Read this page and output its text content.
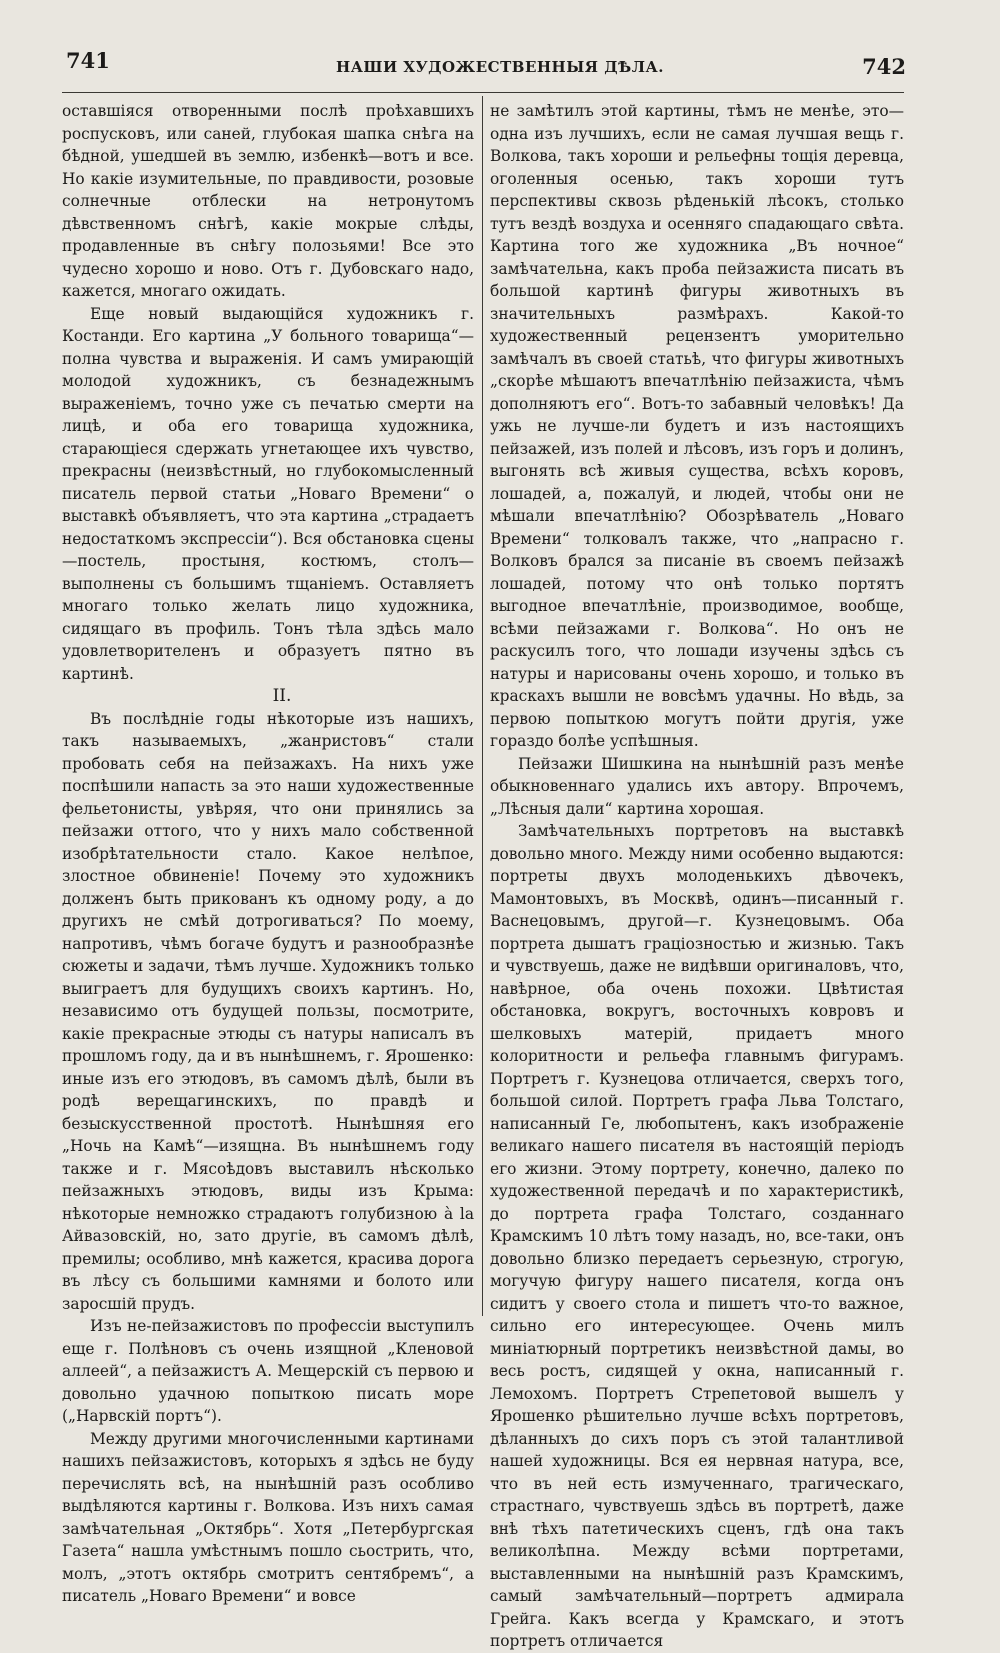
741	НАШИ ХУДОЖЕСТВЕННЫЯ ДѢЛА.	742

оставшіяся отворенными послѣ проѣхавшихъ роспусковъ, или саней, глубокая шапка снѣга на бѣдной, ушедшей въ землю, избенкѣ—вотъ и все. Но какіе изумительные, по правдивости, розовые солнечные отблески на нетронутомъ дѣвственномъ снѣгѣ, какіе мокрые слѣды, продавленные въ снѣгу полозьями! Все это чудесно хорошо и ново. Отъ г. Дубовскаго надо, кажется, многаго ожидать.

Еще новый выдающійся художникъ г. Костанди. Его картина „У больного товарища“—полна чувства и выраженія. И самъ умирающій молодой художникъ, съ безнадежнымъ выраженіемъ, точно уже съ печатью смерти на лицѣ, и оба его товарища художника, старающіеся сдержать угнетающее ихъ чувство, прекрасны (неизвѣстный, но глубокомысленный писатель первой статьи „Новаго Времени“ о выставкѣ объявляетъ, что эта картина „страдаетъ недостаткомъ экспрессіи“). Вся обстановка сцены—постель, простыня, костюмъ, столъ—выполнены съ большимъ тщаніемъ. Оставляетъ многаго только желать лицо художника, сидящаго въ профиль. Тонъ тѣла здѣсь мало удовлетворителенъ и образуетъ пятно въ картинѣ.

II.

Въ послѣдніе годы нѣкоторые изъ нашихъ, такъ называемыхъ, „жанристовъ“ стали пробовать себя на пейзажахъ. На нихъ уже поспѣшили напасть за это наши художественные фельетонисты, увѣряя, что они принялись за пейзажи оттого, что у нихъ мало собственной изобрѣтательности стало. Какое нелѣпое, злостное обвиненіе! Почему это художникъ долженъ быть прикованъ къ одному роду, а до другихъ не смѣй дотрогиваться? По моему, напротивъ, чѣмъ богаче будутъ и разнообразнѣе сюжеты и задачи, тѣмъ лучше. Художникъ только выиграетъ для будущихъ своихъ картинъ. Но, независимо отъ будущей пользы, посмотрите, какіе прекрасные этюды съ натуры написалъ въ прошломъ году, да и въ нынѣшнемъ, г. Ярошенко: иные изъ его этюдовъ, въ самомъ дѣлѣ, были въ родѣ верещагинскихъ, по правдѣ и безыскусственной простотѣ. Нынѣшняя его „Ночь на Камѣ“—изящна. Въ нынѣшнемъ году также и г. Мясоѣдовъ выставилъ нѣсколько пейзажныхъ этюдовъ, виды изъ Крыма: нѣкоторые немножко страдаютъ голубизною à la Айвазовскій, но, зато другіе, въ самомъ дѣлѣ, премилы; особливо, мнѣ кажется, красива дорога въ лѣсу съ большими камнями и болото или заросшій прудъ.

Изъ не-пейзажистовъ по профессіи выступилъ еще г. Полѣновъ съ очень изящной „Кленовой аллеей“, а пейзажистъ А. Мещерскій съ первою и довольно удачною попыткою писать море („Нарвскій портъ“).

Между другими многочисленными картинами нашихъ пейзажистовъ, которыхъ я здѣсь не буду перечислять всѣ, на нынѣшній разъ особливо выдѣляются картины г. Волкова. Изъ нихъ самая замѣчательная „Октябрь“. Хотя „Петербургская Газета“ нашла умѣстнымъ пошло сьострить, что, молъ, „этотъ октябрь смотритъ сентябремъ“, а писатель „Новаго Времени“ и вовсе

не замѣтилъ этой картины, тѣмъ не менѣе, это—одна изъ лучшихъ, если не самая лучшая вещь г. Волкова, такъ хороши и рельефны тощія деревца, оголенныя осенью, такъ хороши тутъ перспективы сквозь рѣденькій лѣсокъ, столько тутъ вездѣ воздуха и осенняго спадающаго свѣта. Картина того же художника „Въ ночное“ замѣчательна, какъ проба пейзажиста писать въ большой картинѣ фигуры животныхъ въ значительныхъ размѣрахъ. Какой-то художественный рецензентъ уморительно замѣчалъ въ своей статьѣ, что фигуры животныхъ „скорѣе мѣшаютъ впечатлѣнію пейзажиста, чѣмъ дополняютъ его“. Вотъ-то забавный человѣкъ! Да ужь не лучше-ли будетъ и изъ настоящихъ пейзажей, изъ полей и лѣсовъ, изъ горъ и долинъ, выгонять всѣ живыя существа, всѣхъ коровъ, лошадей, а, пожалуй, и людей, чтобы они не мѣшали впечатлѣнію? Обозрѣватель „Новаго Времени“ толковалъ также, что „напрасно г. Волковъ брался за писаніе въ своемъ пейзажѣ лошадей, потому что онѣ только портятъ выгодное впечатлѣніе, производимое, вообще, всѣми пейзажами г. Волкова“. Но онъ не раскусилъ того, что лошади изучены здѣсь съ натуры и нарисованы очень хорошо, и только въ краскахъ вышли не вовсѣмъ удачны. Но вѣдь, за первою попыткою могутъ пойти другія, уже гораздо болѣе успѣшныя.

Пейзажи Шишкина на нынѣшній разъ менѣе обыкновеннаго удались ихъ автору. Впрочемъ, „Лѣсныя дали“ картина хорошая.

Замѣчательныхъ портретовъ на выставкѣ довольно много. Между ними особенно выдаются: портреты двухъ молоденькихъ дѣвочекъ, Мамонтовыхъ, въ Москвѣ, одинъ—писанный г. Васнецовымъ, другой—г. Кузнецовымъ. Оба портрета дышатъ граціозностью и жизнью. Такъ и чувствуешь, даже не видѣвши оригиналовъ, что, навѣрное, оба очень похожи. Цвѣтистая обстановка, вокругъ, восточныхъ ковровъ и шелковыхъ матерій, придаетъ много колоритности и рельефа главнымъ фигурамъ. Портретъ г. Кузнецова отличается, сверхъ того, большой силой. Портретъ графа Льва Толстаго, написанный Ге, любопытенъ, какъ изображеніе великаго нашего писателя въ настоящій періодъ его жизни. Этому портрету, конечно, далеко по художественной передачѣ и по характеристикѣ, до портрета графа Толстаго, созданнаго Крамскимъ 10 лѣтъ тому назадъ, но, все-таки, онъ довольно близко передаетъ серьезную, строгую, могучую фигуру нашего писателя, когда онъ сидитъ у своего стола и пишетъ что-то важное, сильно его интересующее. Очень милъ миніатюрный портретикъ неизвѣстной дамы, во весь ростъ, сидящей у окна, написанный г. Лемохомъ. Портретъ Стрепетовой вышелъ у Ярошенко рѣшительно лучше всѣхъ портретовъ, дѣланныхъ до сихъ поръ съ этой талантливой нашей художницы. Вся ея нервная натура, все, что въ ней есть измученнаго, трагическаго, страстнаго, чувствуешь здѣсь въ портретѣ, даже внѣ тѣхъ патетическихъ сценъ, гдѣ она такъ великолѣпна. Между всѣми портретами, выставленными на нынѣшній разъ Крамскимъ, самый замѣчательный—портретъ адмирала Грейга. Какъ всегда у Крамскаго, и этотъ портретъ отличается
